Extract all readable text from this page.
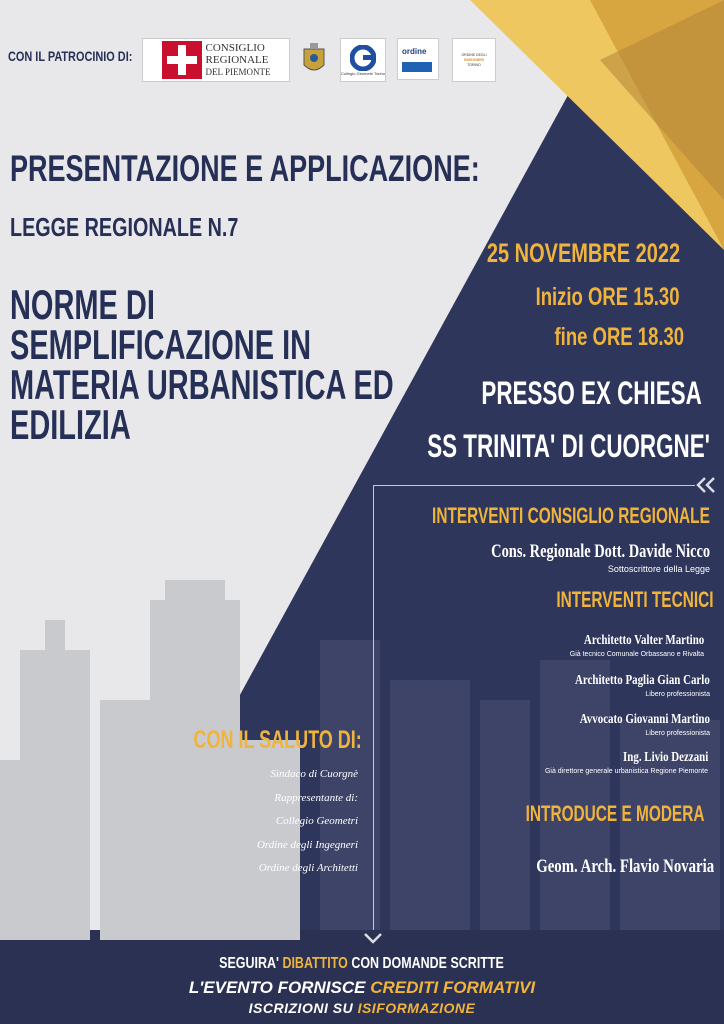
CON IL PATROCINIO DI:	CONSIGLIO
REGIONALE
DEL PIEMONTE	Collegio Geometri Torino
ordine	ORDINE DEGLI
INGEGNERI
TORINO
PRESENTAZIONE E APPLICAZIONE:
LEGGE REGIONALE N.7
NORME DI
SEMPLIFICAZIONE IN
MATERIA URBANISTICA ED
EDILIZIA
25 NOVEMBRE 2022
Inizio ORE 15.30
fine ORE 18.30
PRESSO EX CHIESA
SS TRINITA' DI CUORGNE'
INTERVENTI CONSIGLIO REGIONALE
Cons. Regionale Dott. Davide Nicco
Sottoscrittore della Legge
INTERVENTI TECNICI
Architetto Valter Martino
Già tecnico Comunale Orbassano e Rivalta
Architetto Paglia Gian Carlo
Libero professionista
Avvocato Giovanni Martino
Libero professionista
Ing. Livio Dezzani
Già direttore generale urbanistica Regione Piemonte
INTRODUCE E MODERA
Geom. Arch. Flavio Novaria
CON IL SALUTO DI:
Sindaco di Cuorgnè
Rappresentante di:
Collegio Geometri
Ordine degli Ingegneri
Ordine degli Architetti
SEGUIRA' DIBATTITO CON DOMANDE SCRITTE
L'EVENTO FORNISCE CREDITI FORMATIVI
ISCRIZIONI SU ISIFORMAZIONE
